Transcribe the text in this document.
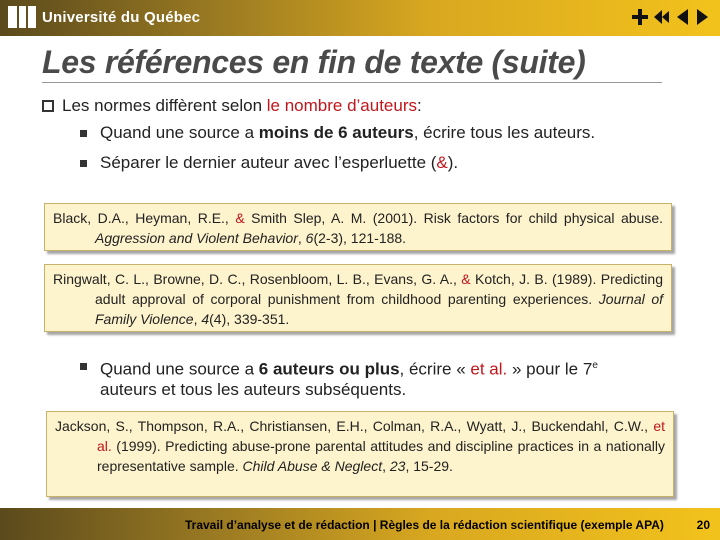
Université du Québec
Les références en fin de texte (suite)
Les normes diffèrent selon le nombre d’auteurs:
Quand une source a moins de 6 auteurs, écrire tous les auteurs.
Séparer le dernier auteur avec l’esperluette (&).

Black, D.A., Heyman, R.E., & Smith Slep, A. M. (2001). Risk factors for child physical abuse. Aggression and Violent Behavior, 6(2-3), 121-188.

Ringwalt, C. L., Browne, D. C., Rosenbloom, L. B., Evans, G. A., & Kotch, J. B. (1989). Predicting adult approval of corporal punishment from childhood parenting experiences. Journal of Family Violence, 4(4), 339-351.

Quand une source a 6 auteurs ou plus, écrire « et al. » pour le 7e
auteurs et tous les auteurs subséquents.

Jackson, S., Thompson, R.A., Christiansen, E.H., Colman, R.A., Wyatt, J., Buckendahl, C.W., et al. (1999). Predicting abuse-prone parental attitudes and discipline practices in a nationally representative sample. Child Abuse & Neglect, 23, 15-29.

Travail d’analyse et de rédaction | Règles de la rédaction scientifique (exemple APA)	20
